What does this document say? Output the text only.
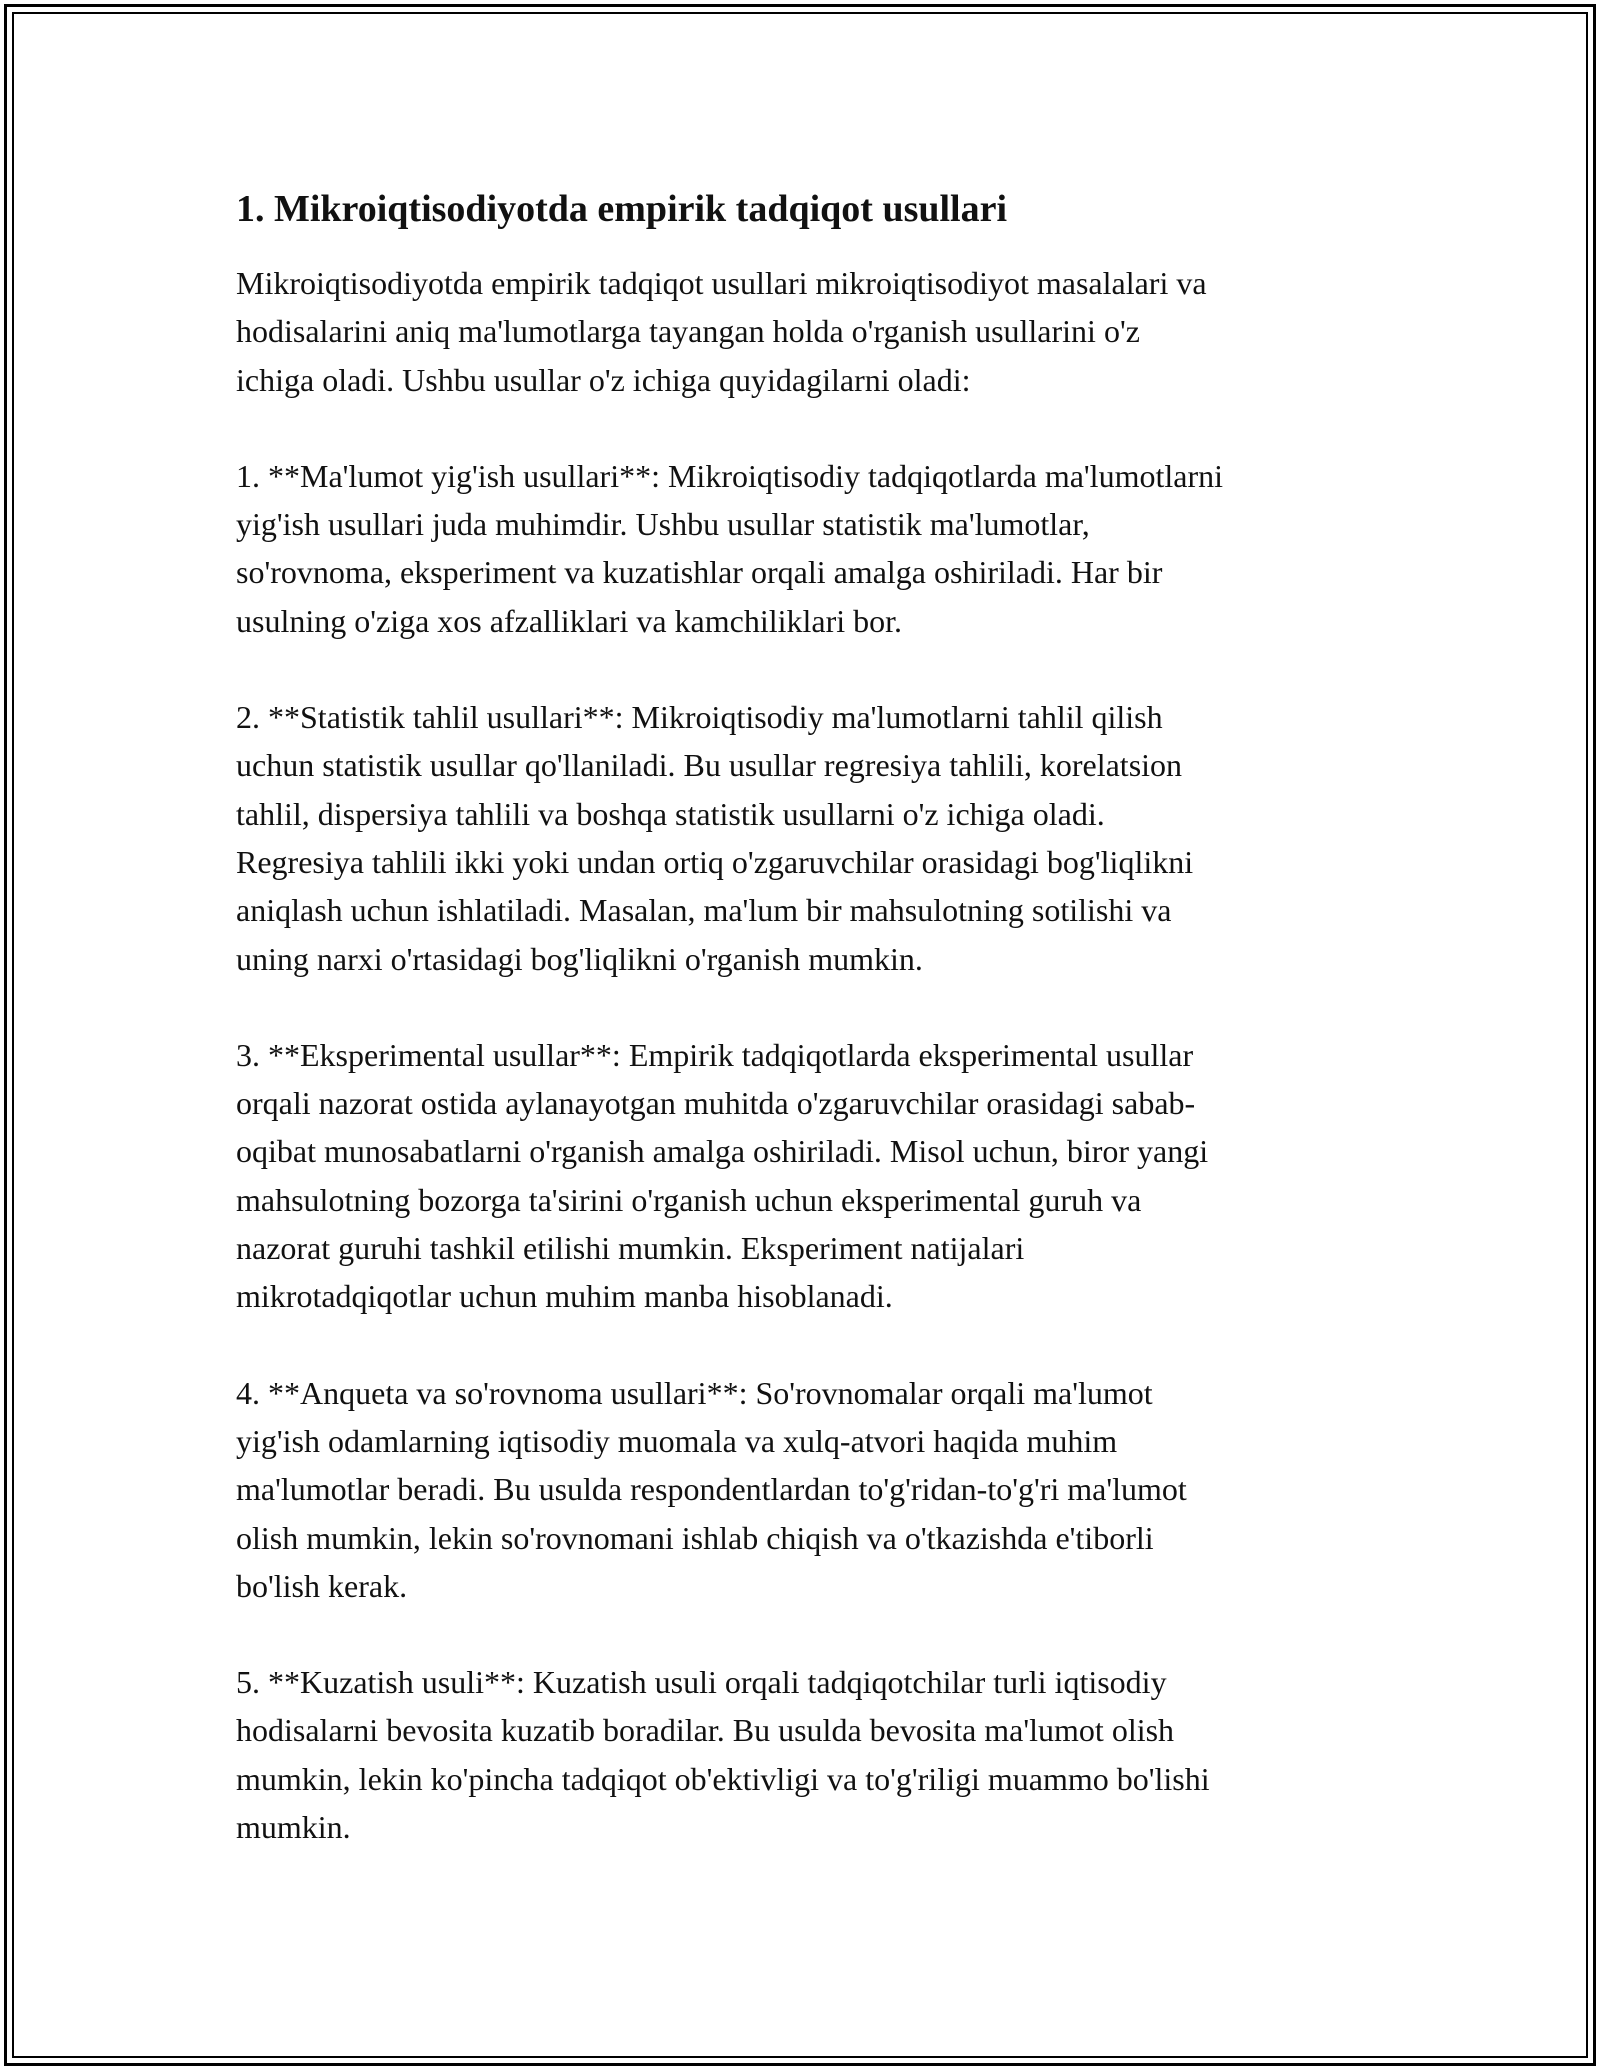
1. Mikroiqtisodiyotda empirik tadqiqot usullari

Mikroiqtisodiyotda empirik tadqiqot usullari mikroiqtisodiyot masalalari va
hodisalarini aniq ma'lumotlarga tayangan holda o'rganish usullarini o'z
ichiga oladi. Ushbu usullar o'z ichiga quyidagilarni oladi:

1. **Ma'lumot yig'ish usullari**: Mikroiqtisodiy tadqiqotlarda ma'lumotlarni
yig'ish usullari juda muhimdir. Ushbu usullar statistik ma'lumotlar,
so'rovnoma, eksperiment va kuzatishlar orqali amalga oshiriladi. Har bir
usulning o'ziga xos afzalliklari va kamchiliklari bor.

2. **Statistik tahlil usullari**: Mikroiqtisodiy ma'lumotlarni tahlil qilish
uchun statistik usullar qo'llaniladi. Bu usullar regresiya tahlili, korelatsion
tahlil, dispersiya tahlili va boshqa statistik usullarni o'z ichiga oladi.
Regresiya tahlili ikki yoki undan ortiq o'zgaruvchilar orasidagi bog'liqlikni
aniqlash uchun ishlatiladi. Masalan, ma'lum bir mahsulotning sotilishi va
uning narxi o'rtasidagi bog'liqlikni o'rganish mumkin.

3. **Eksperimental usullar**: Empirik tadqiqotlarda eksperimental usullar
orqali nazorat ostida aylanayotgan muhitda o'zgaruvchilar orasidagi sabab-
oqibat munosabatlarni o'rganish amalga oshiriladi. Misol uchun, biror yangi
mahsulotning bozorga ta'sirini o'rganish uchun eksperimental guruh va
nazorat guruhi tashkil etilishi mumkin. Eksperiment natijalari
mikrotadqiqotlar uchun muhim manba hisoblanadi.

4. **Anqueta va so'rovnoma usullari**: So'rovnomalar orqali ma'lumot
yig'ish odamlarning iqtisodiy muomala va xulq-atvori haqida muhim
ma'lumotlar beradi. Bu usulda respondentlardan to'g'ridan-to'g'ri ma'lumot
olish mumkin, lekin so'rovnomani ishlab chiqish va o'tkazishda e'tiborli
bo'lish kerak.

5. **Kuzatish usuli**: Kuzatish usuli orqali tadqiqotchilar turli iqtisodiy
hodisalarni bevosita kuzatib boradilar. Bu usulda bevosita ma'lumot olish
mumkin, lekin ko'pincha tadqiqot ob'ektivligi va to'g'riligi muammo bo'lishi
mumkin.
